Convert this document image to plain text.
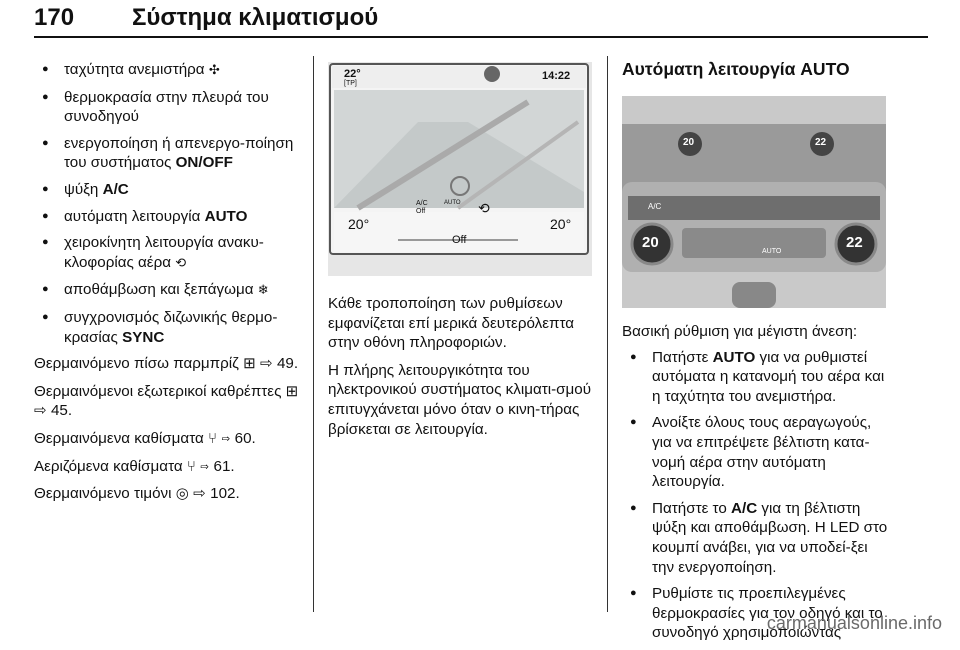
170 Σύστημα κλιματισμού
● ταχύτητα ανεμιστήρα ✣
● θερμοκρασία στην πλευρά του συνοδηγού
● ενεργοποίηση ή απενεργο-ποίηση του συστήματος ON/OFF
● ψύξη A/C
● αυτόματη λειτουργία AUTO
● χειροκίνητη λειτουργία ανακυ-κλοφορίας αέρα ⟲
● αποθάμβωση και ξεπάγωμα ❄
● συγχρονισμός διζωνικής θερμο-κρασίας SYNC

Θερμαινόμενο πίσω παρμπρίζ ⊞ ⇨ 49.

Θερμαινόμενοι εξωτερικοί καθρέπτες ⊞ ⇨ 45.

Θερμαινόμενα καθίσματα ⑂ ⇨ 60.

Αεριζόμενα καθίσματα ⑂ ⇨ 61.

Θερμαινόμενο τιμόνι ◎ ⇨ 102.

22°
[TP]
14:22
A/C Off
AUTO ⟲
20°	20°
Off

Κάθε τροποποίηση των ρυθμίσεων εμφανίζεται επί μερικά δευτερόλεπτα στην οθόνη πληροφοριών.

Η πλήρης λειτουργικότητα του ηλεκτρονικού συστήματος κλιματι-σμού επιτυγχάνεται μόνο όταν ο κινη-τήρας βρίσκεται σε λειτουργία.

Αυτόματη λειτουργία AUTO
20	22
A/C
20	22
AUTO

Βασική ρύθμιση για μέγιστη άνεση:

● Πατήστε AUTO για να ρυθμιστεί αυτόματα η κατανομή του αέρα και η ταχύτητα του ανεμιστήρα.
● Ανοίξτε όλους τους αεραγωγούς, για να επιτρέψετε βέλτιστη κατα-νομή αέρα στην αυτόματη λειτουργία.
● Πατήστε το A/C για τη βέλτιστη ψύξη και αποθάμβωση. Η LED στο κουμπί ανάβει, για να υποδεί-ξει την ενεργοποίηση.
● Ρυθμίστε τις προεπιλεγμένες θερμοκρασίες για τον οδηγό και το συνοδηγό χρησιμοποιώντας
carmanualsonline.info
